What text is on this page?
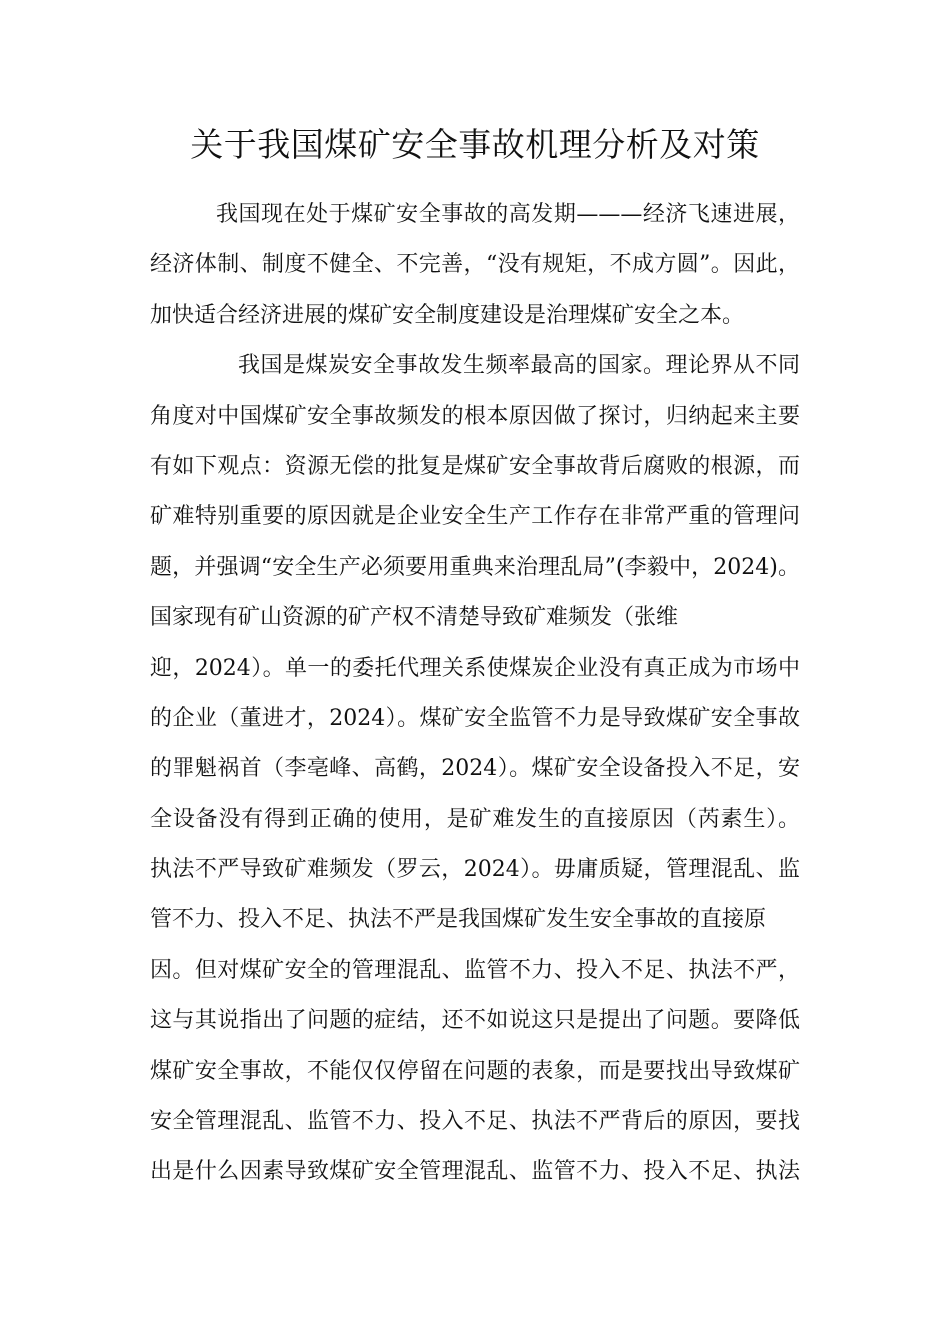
关于我国煤矿安全事故机理分析及对策
我国现在处于煤矿安全事故的高发期———经济飞速进展，
经济体制、制度不健全、不完善，“没有规矩，不成方圆”。因此，
加快适合经济进展的煤矿安全制度建设是治理煤矿安全之本。
我国是煤炭安全事故发生频率最高的国家。理论界从不同
角度对中国煤矿安全事故频发的根本原因做了探讨，归纳起来主要
有如下观点：资源无偿的批复是煤矿安全事故背后腐败的根源，而
矿难特别重要的原因就是企业安全生产工作存在非常严重的管理问
题，并强调“安全生产必须要用重典来治理乱局”(李毅中，2024)。
国家现有矿山资源的矿产权不清楚导致矿难频发（张维
迎，2024）。单一的委托代理关系使煤炭企业没有真正成为市场中
的企业（董进才，2024）。煤矿安全监管不力是导致煤矿安全事故
的罪魁祸首（李亳峰、高鹤，2024）。煤矿安全设备投入不足，安
全设备没有得到正确的使用，是矿难发生的直接原因（芮素生）。
执法不严导致矿难频发（罗云，2024）。毋庸质疑，管理混乱、监
管不力、投入不足、执法不严是我国煤矿发生安全事故的直接原
因。但对煤矿安全的管理混乱、监管不力、投入不足、执法不严，
这与其说指出了问题的症结，还不如说这只是提出了问题。要降低
煤矿安全事故，不能仅仅停留在问题的表象，而是要找出导致煤矿
安全管理混乱、监管不力、投入不足、执法不严背后的原因，要找
出是什么因素导致煤矿安全管理混乱、监管不力、投入不足、执法
